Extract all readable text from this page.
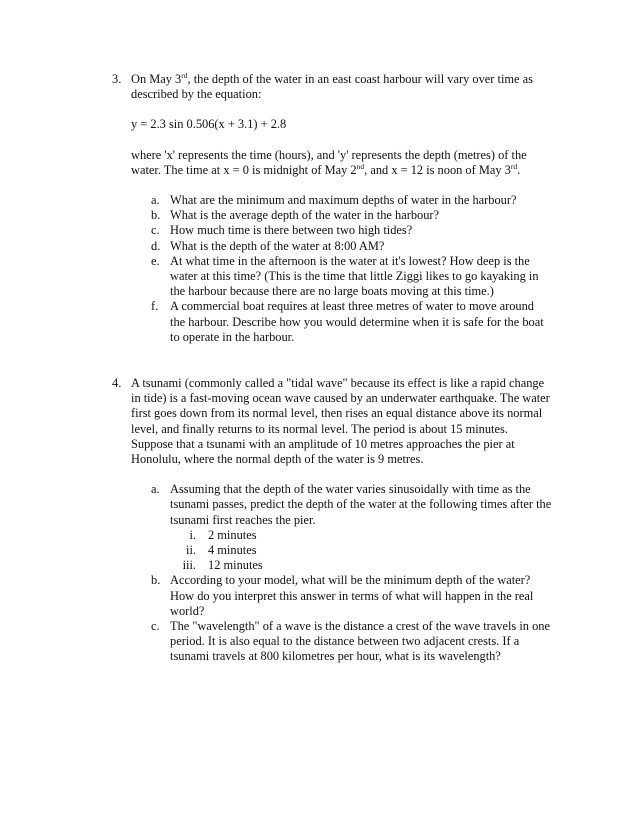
3. On May 3rd, the depth of the water in an east coast harbour will vary over time as described by the equation:

y = 2.3 sin 0.506(x + 3.1) + 2.8

where 'x' represents the time (hours), and 'y' represents the depth (metres) of the water. The time at x = 0 is midnight of May 2nd, and x = 12 is noon of May 3rd.

a. What are the minimum and maximum depths of water in the harbour?
b. What is the average depth of the water in the harbour?
c. How much time is there between two high tides?
d. What is the depth of the water at 8:00 AM?
e. At what time in the afternoon is the water at it's lowest? How deep is the water at this time? (This is the time that little Ziggi likes to go kayaking in the harbour because there are no large boats moving at this time.)
f. A commercial boat requires at least three metres of water to move around the harbour. Describe how you would determine when it is safe for the boat to operate in the harbour.
4. A tsunami (commonly called a "tidal wave" because its effect is like a rapid change in tide) is a fast-moving ocean wave caused by an underwater earthquake. The water first goes down from its normal level, then rises an equal distance above its normal level, and finally returns to its normal level. The period is about 15 minutes. Suppose that a tsunami with an amplitude of 10 metres approaches the pier at Honolulu, where the normal depth of the water is 9 metres.

a. Assuming that the depth of the water varies sinusoidally with time as the tsunami passes, predict the depth of the water at the following times after the tsunami first reaches the pier.
i. 2 minutes
ii. 4 minutes
iii. 12 minutes
b. According to your model, what will be the minimum depth of the water? How do you interpret this answer in terms of what will happen in the real world?
c. The "wavelength" of a wave is the distance a crest of the wave travels in one period. It is also equal to the distance between two adjacent crests. If a tsunami travels at 800 kilometres per hour, what is its wavelength?
